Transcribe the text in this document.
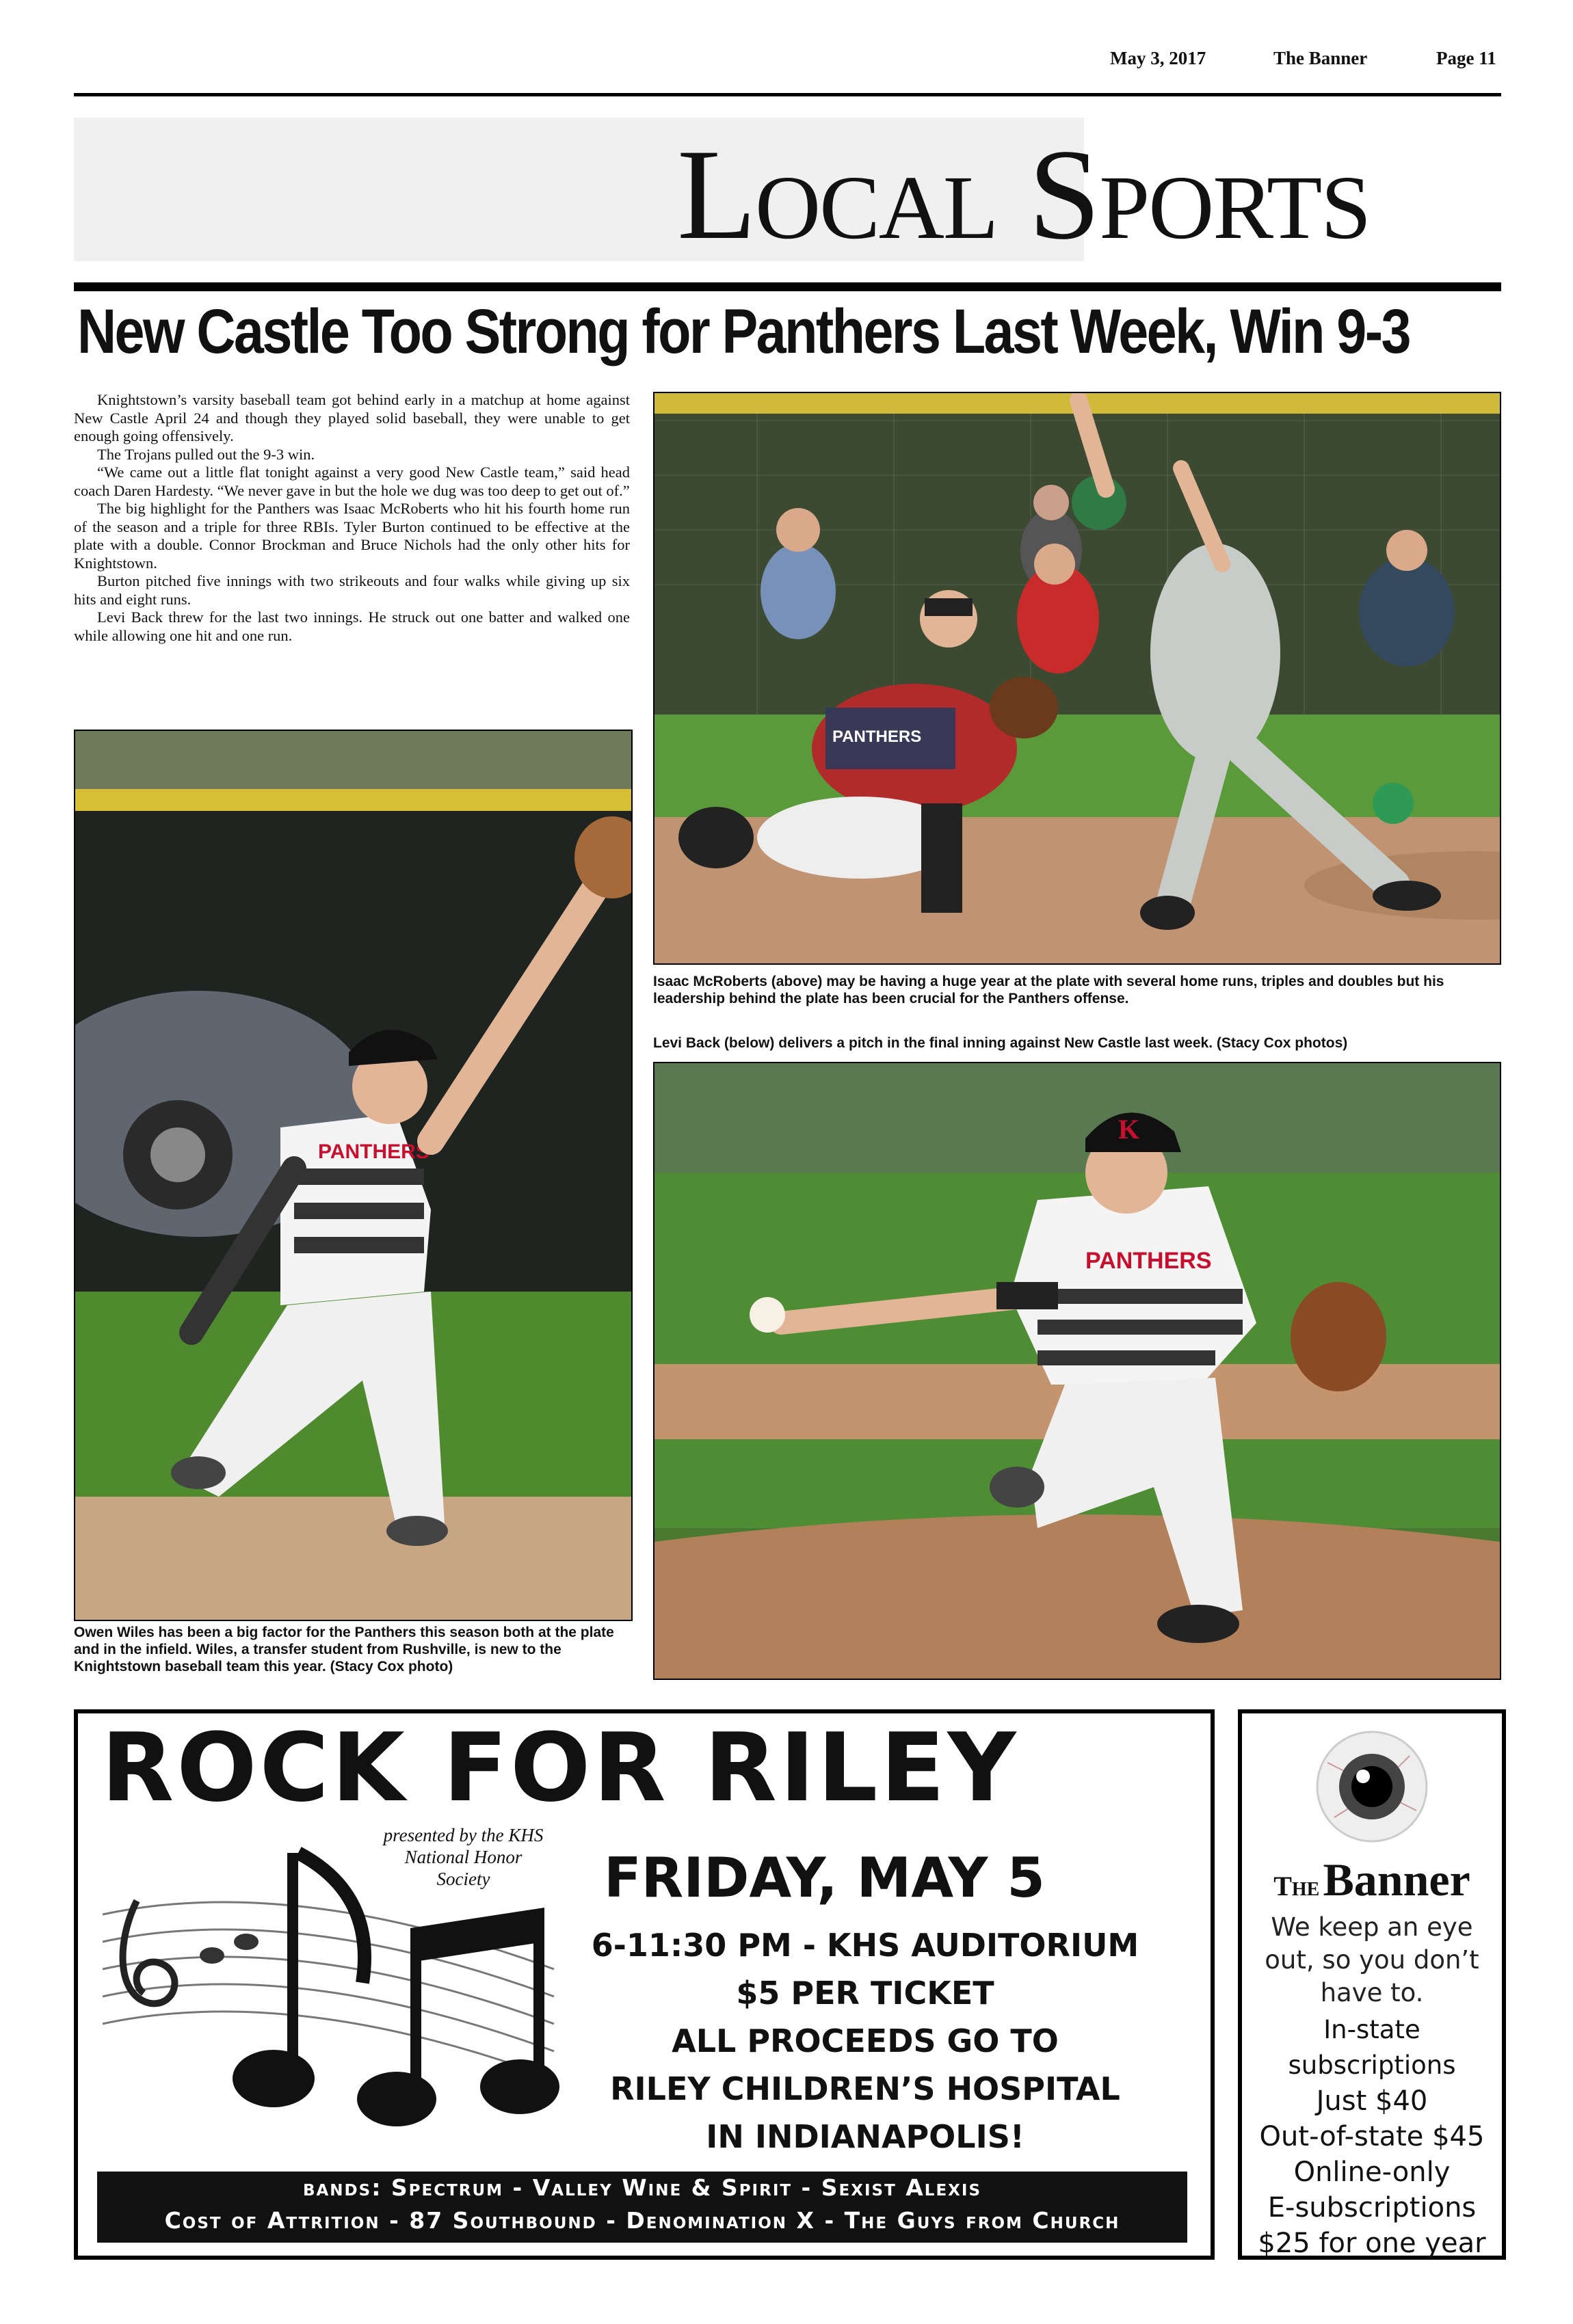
May 3, 2017	The Banner	Page 11
Local Sports
New Castle Too Strong for Panthers Last Week, Win 9-3

Knightstown’s varsity baseball team got behind early in a matchup at home against New Castle April 24 and though they played solid baseball, they were unable to get enough going offensively.

The Trojans pulled out the 9-3 win.

“We came out a little flat tonight against a very good New Castle team,” said head coach Daren Hardesty. “We never gave in but the hole we dug was too deep to get out of.”

The big highlight for the Panthers was Isaac McRoberts who hit his fourth home run of the season and a triple for three RBIs. Tyler Burton continued to be effective at the plate with a double. Connor Brockman and Bruce Nichols had the only other hits for Knightstown.

Burton pitched five innings with two strikeouts and four walks while giving up six hits and eight runs.

Levi Back threw for the last two innings. He struck out one batter and walked one while allowing one hit and one run.

PANTHERS
Isaac McRoberts (above) may be having a huge year at the plate with several home runs, triples and doubles but his leadership behind the plate has been crucial for the Panthers offense.
Levi Back (below) delivers a pitch in the final inning against New Castle last week. (Stacy Cox photos)
PANTHERS
Owen Wiles has been a big factor for the Panthers this season both at the plate and in the infield. Wiles, a transfer student from Rushville, is new to the Knightstown baseball team this year. (Stacy Cox photo)
PANTHERS
K
ROCK FOR RILEY
presented by the KHS National Honor Society	FRIDAY, MAY 5
6-11:30 PM - KHS AUDITORIUM
$5 PER TICKET
ALL PROCEEDS GO TO
RILEY CHILDREN’S HOSPITAL
IN INDIANAPOLIS!
bands: Spectrum - Valley Wine & Spirit - Sexist Alexis
Cost of Attrition - 87 Southbound - Denomination X - The Guys from Church
The Banner
We keep an eye out, so you don’t have to.
In-state subscriptions
Just $40
Out-of-state $45
Online-only
E-subscriptions
$25 for one year
